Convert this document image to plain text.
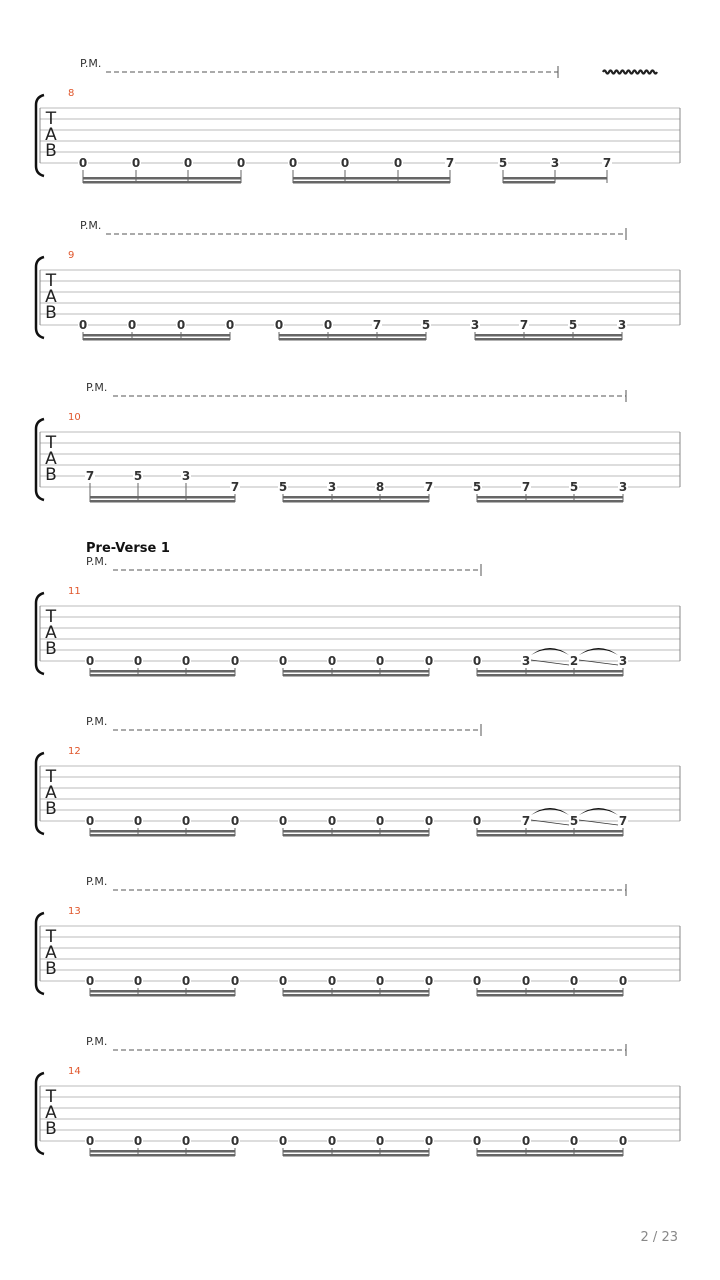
P.M.
8
T
A
B
0	0	0	0	0	0	0	7	5	3	7
P.M.
9
T
A
B
0	0	0	0	0	0	7	5	3	7	5	3
P.M.
10
T
A
B 7	5	3
7	5	3	8	7	5	7	5	3
Pre-Verse 1
P.M.
11
T
A
B
0	0	0	0	0	0	0	0	0	3	2	3
P.M.
12
T
A
B
0	0	0	0	0	0	0	0	0	7	5	7
P.M.
13
T
A
B
0	0	0	0	0	0	0	0	0	0	0	0
P.M.
14
T
A
B
0	0	0	0	0	0	0	0	0	0	0	0
2 / 23
